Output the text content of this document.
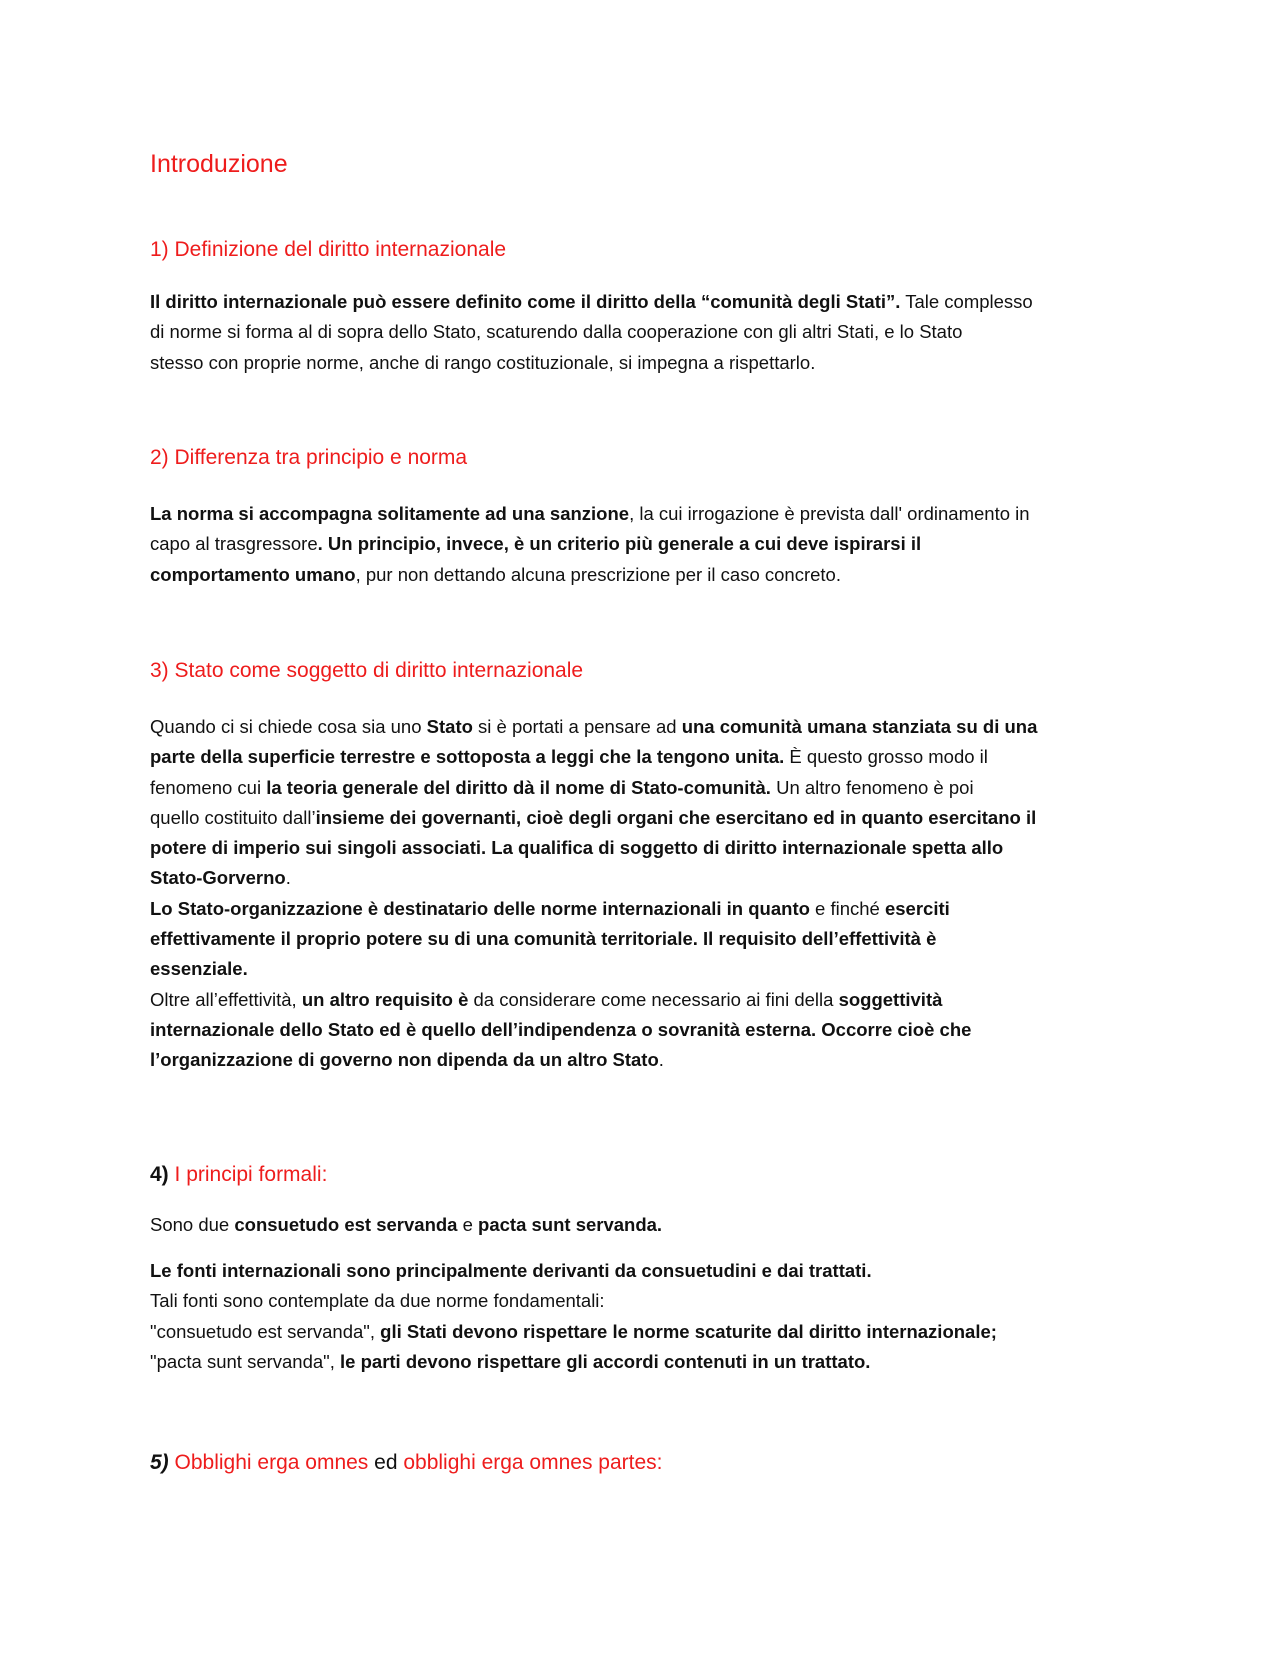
Introduzione
1) Definizione del diritto internazionale
Il diritto internazionale può essere definito come il diritto della “comunità degli Stati”. Tale complesso
di norme si forma al di sopra dello Stato, scaturendo dalla cooperazione con gli altri Stati, e lo Stato
stesso con proprie norme, anche di rango costituzionale, si impegna a rispettarlo.
2) Differenza tra principio e norma
La norma si accompagna solitamente ad una sanzione, la cui irrogazione è prevista dall' ordinamento in
capo al trasgressore. Un principio, invece, è un criterio più generale a cui deve ispirarsi il
comportamento umano, pur non dettando alcuna prescrizione per il caso concreto.
3) Stato come soggetto di diritto internazionale
Quando ci si chiede cosa sia uno Stato si è portati a pensare ad una comunità umana stanziata su di una
parte della superficie terrestre e sottoposta a leggi che la tengono unita. È questo grosso modo il
fenomeno cui la teoria generale del diritto dà il nome di Stato-comunità. Un altro fenomeno è poi
quello costituito dall’insieme dei governanti, cioè degli organi che esercitano ed in quanto esercitano il
potere di imperio sui singoli associati. La qualifica di soggetto di diritto internazionale spetta allo
Stato-Gorverno.
Lo Stato-organizzazione è destinatario delle norme internazionali in quanto e finché eserciti
effettivamente il proprio potere su di una comunità territoriale. Il requisito dell’effettività è
essenziale.
Oltre all’effettività, un altro requisito è da considerare come necessario ai fini della soggettività
internazionale dello Stato ed è quello dell’indipendenza o sovranità esterna. Occorre cioè che
l’organizzazione di governo non dipenda da un altro Stato.
4) I principi formali:
Sono due consuetudo est servanda e pacta sunt servanda.
Le fonti internazionali sono principalmente derivanti da consuetudini e dai trattati.
Tali fonti sono contemplate da due norme fondamentali:
"consuetudo est servanda", gli Stati devono rispettare le norme scaturite dal diritto internazionale;
"pacta sunt servanda", le parti devono rispettare gli accordi contenuti in un trattato.
5) Obblighi erga omnes ed obblighi erga omnes partes:
